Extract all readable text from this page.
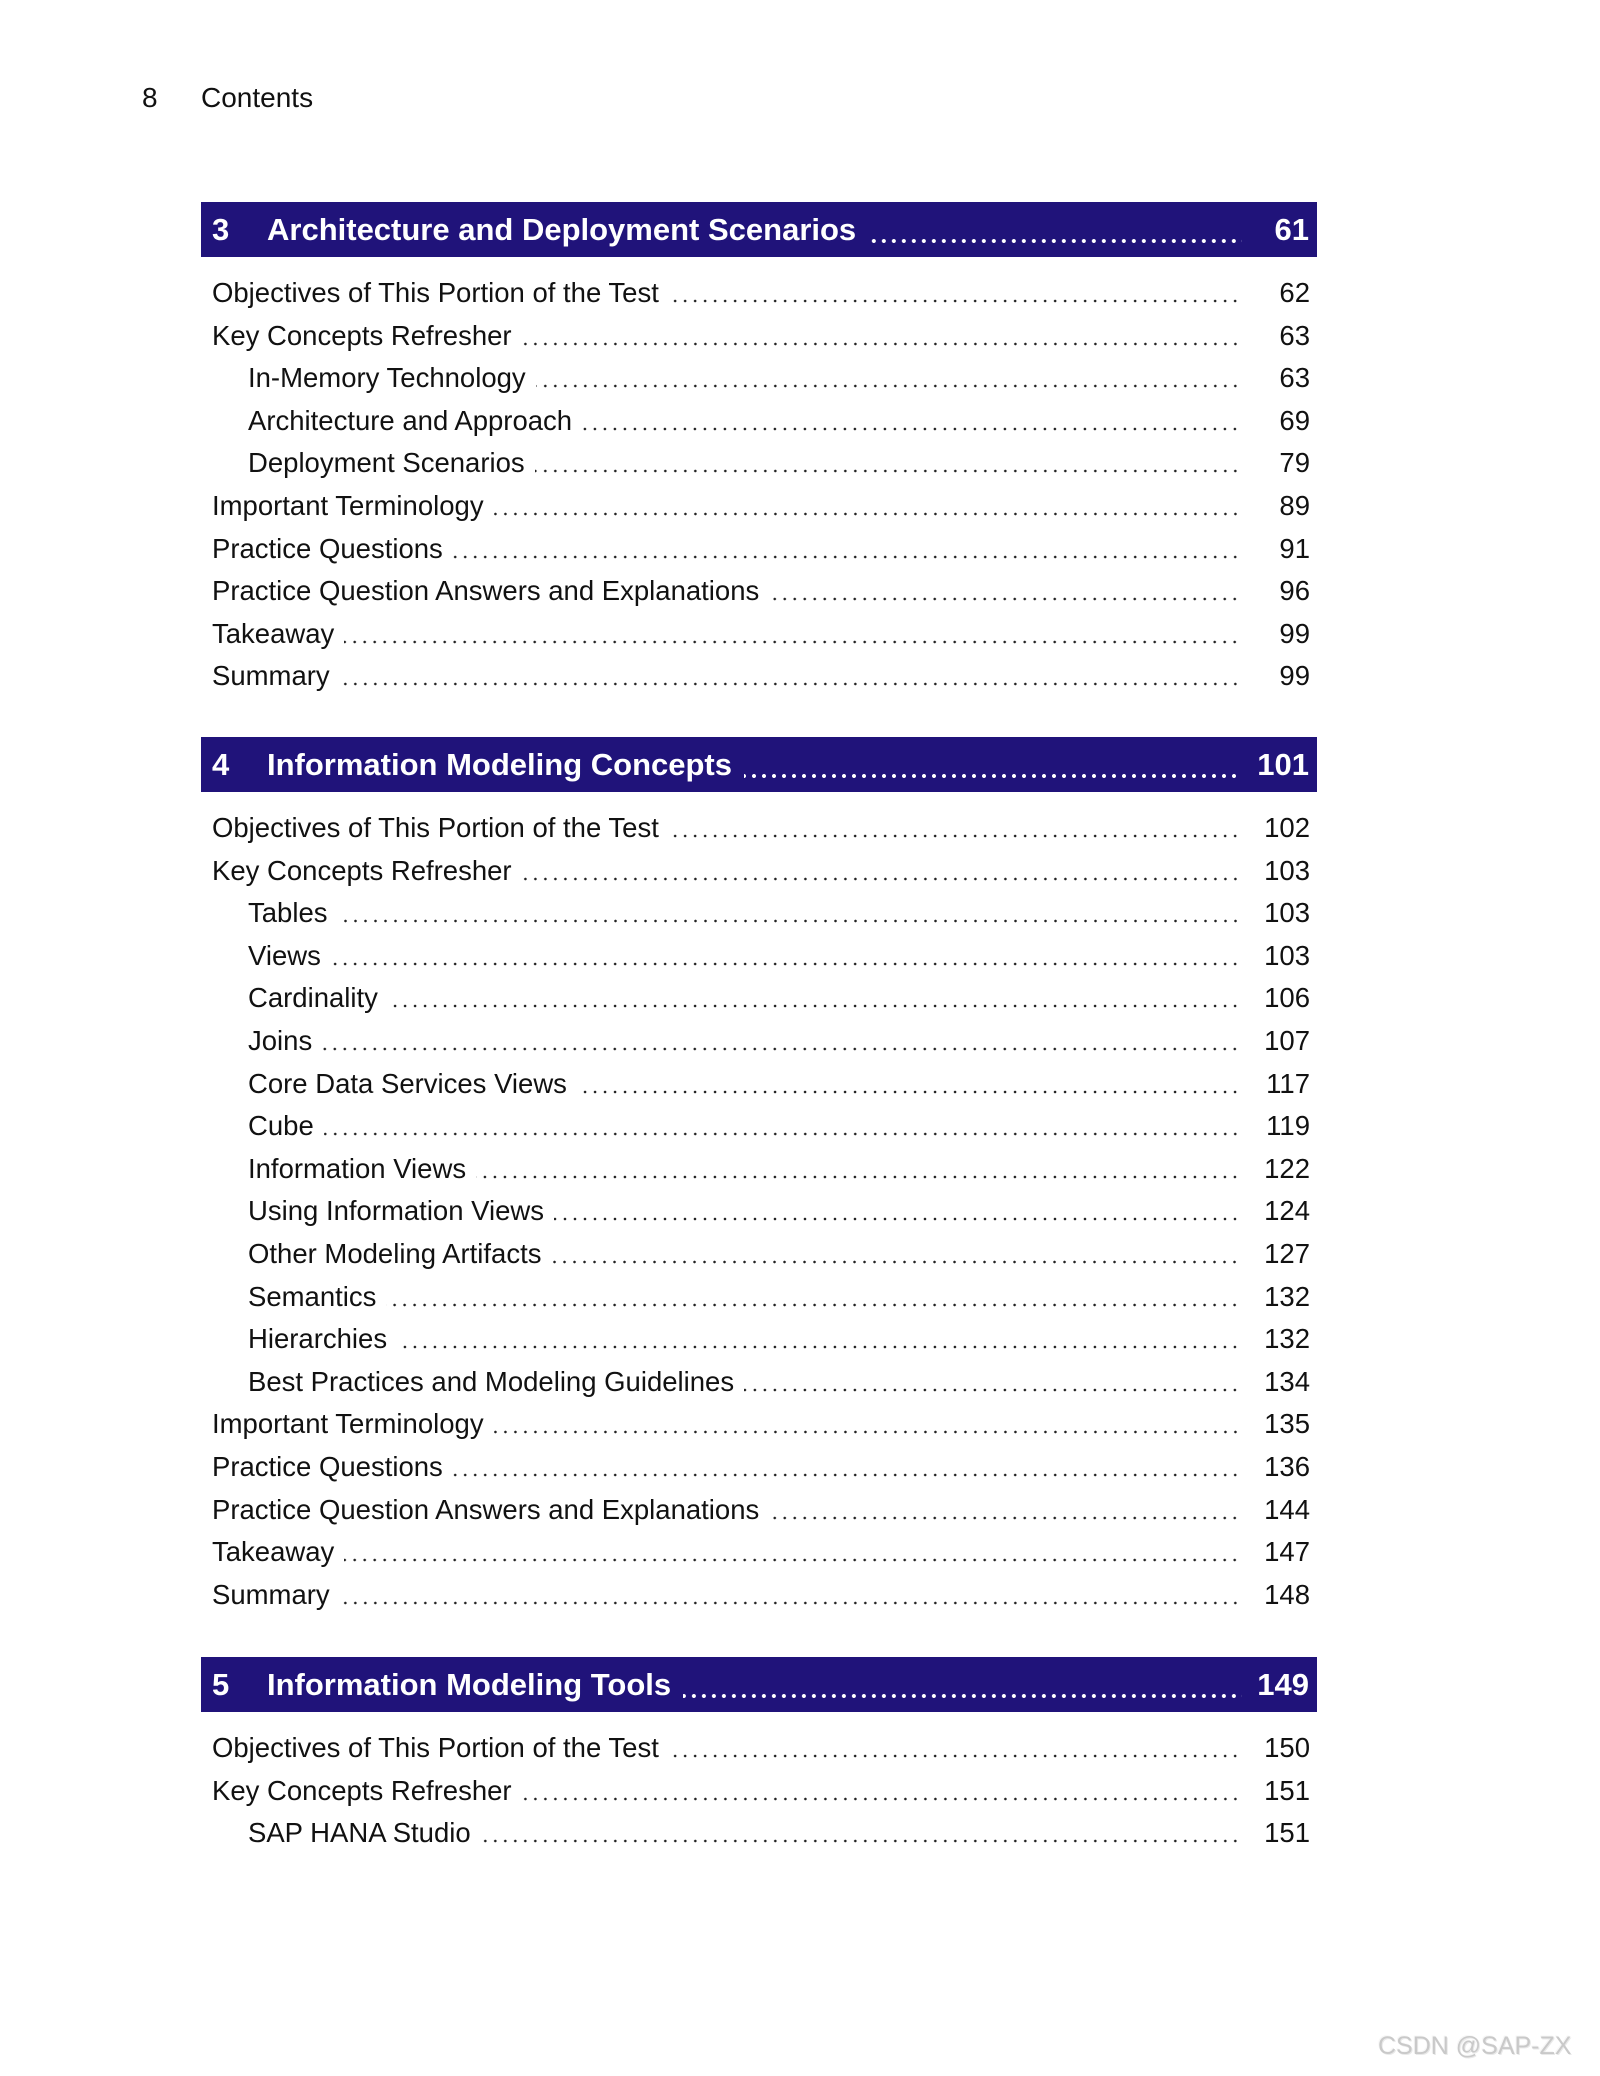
8 Contents
3 Architecture and Deployment Scenarios	61
Objectives of This Portion of the Test	62
Key Concepts Refresher	63
In-Memory Technology	63
Architecture and Approach	69
Deployment Scenarios	79
Important Terminology	89
Practice Questions	91
Practice Question Answers and Explanations	96
Takeaway	99
Summary	99
4 Information Modeling Concepts	101
Objectives of This Portion of the Test	102
Key Concepts Refresher	103
Tables	103
Views	103
Cardinality	106
Joins	107
Core Data Services Views	117
Cube	119
Information Views	122
Using Information Views	124
Other Modeling Artifacts	127
Semantics	132
Hierarchies	132
Best Practices and Modeling Guidelines	134
Important Terminology	135
Practice Questions	136
Practice Question Answers and Explanations	144
Takeaway	147
Summary	148
5 Information Modeling Tools	149
Objectives of This Portion of the Test	150
Key Concepts Refresher	151
SAP HANA Studio	151
CSDN @SAP-ZX
